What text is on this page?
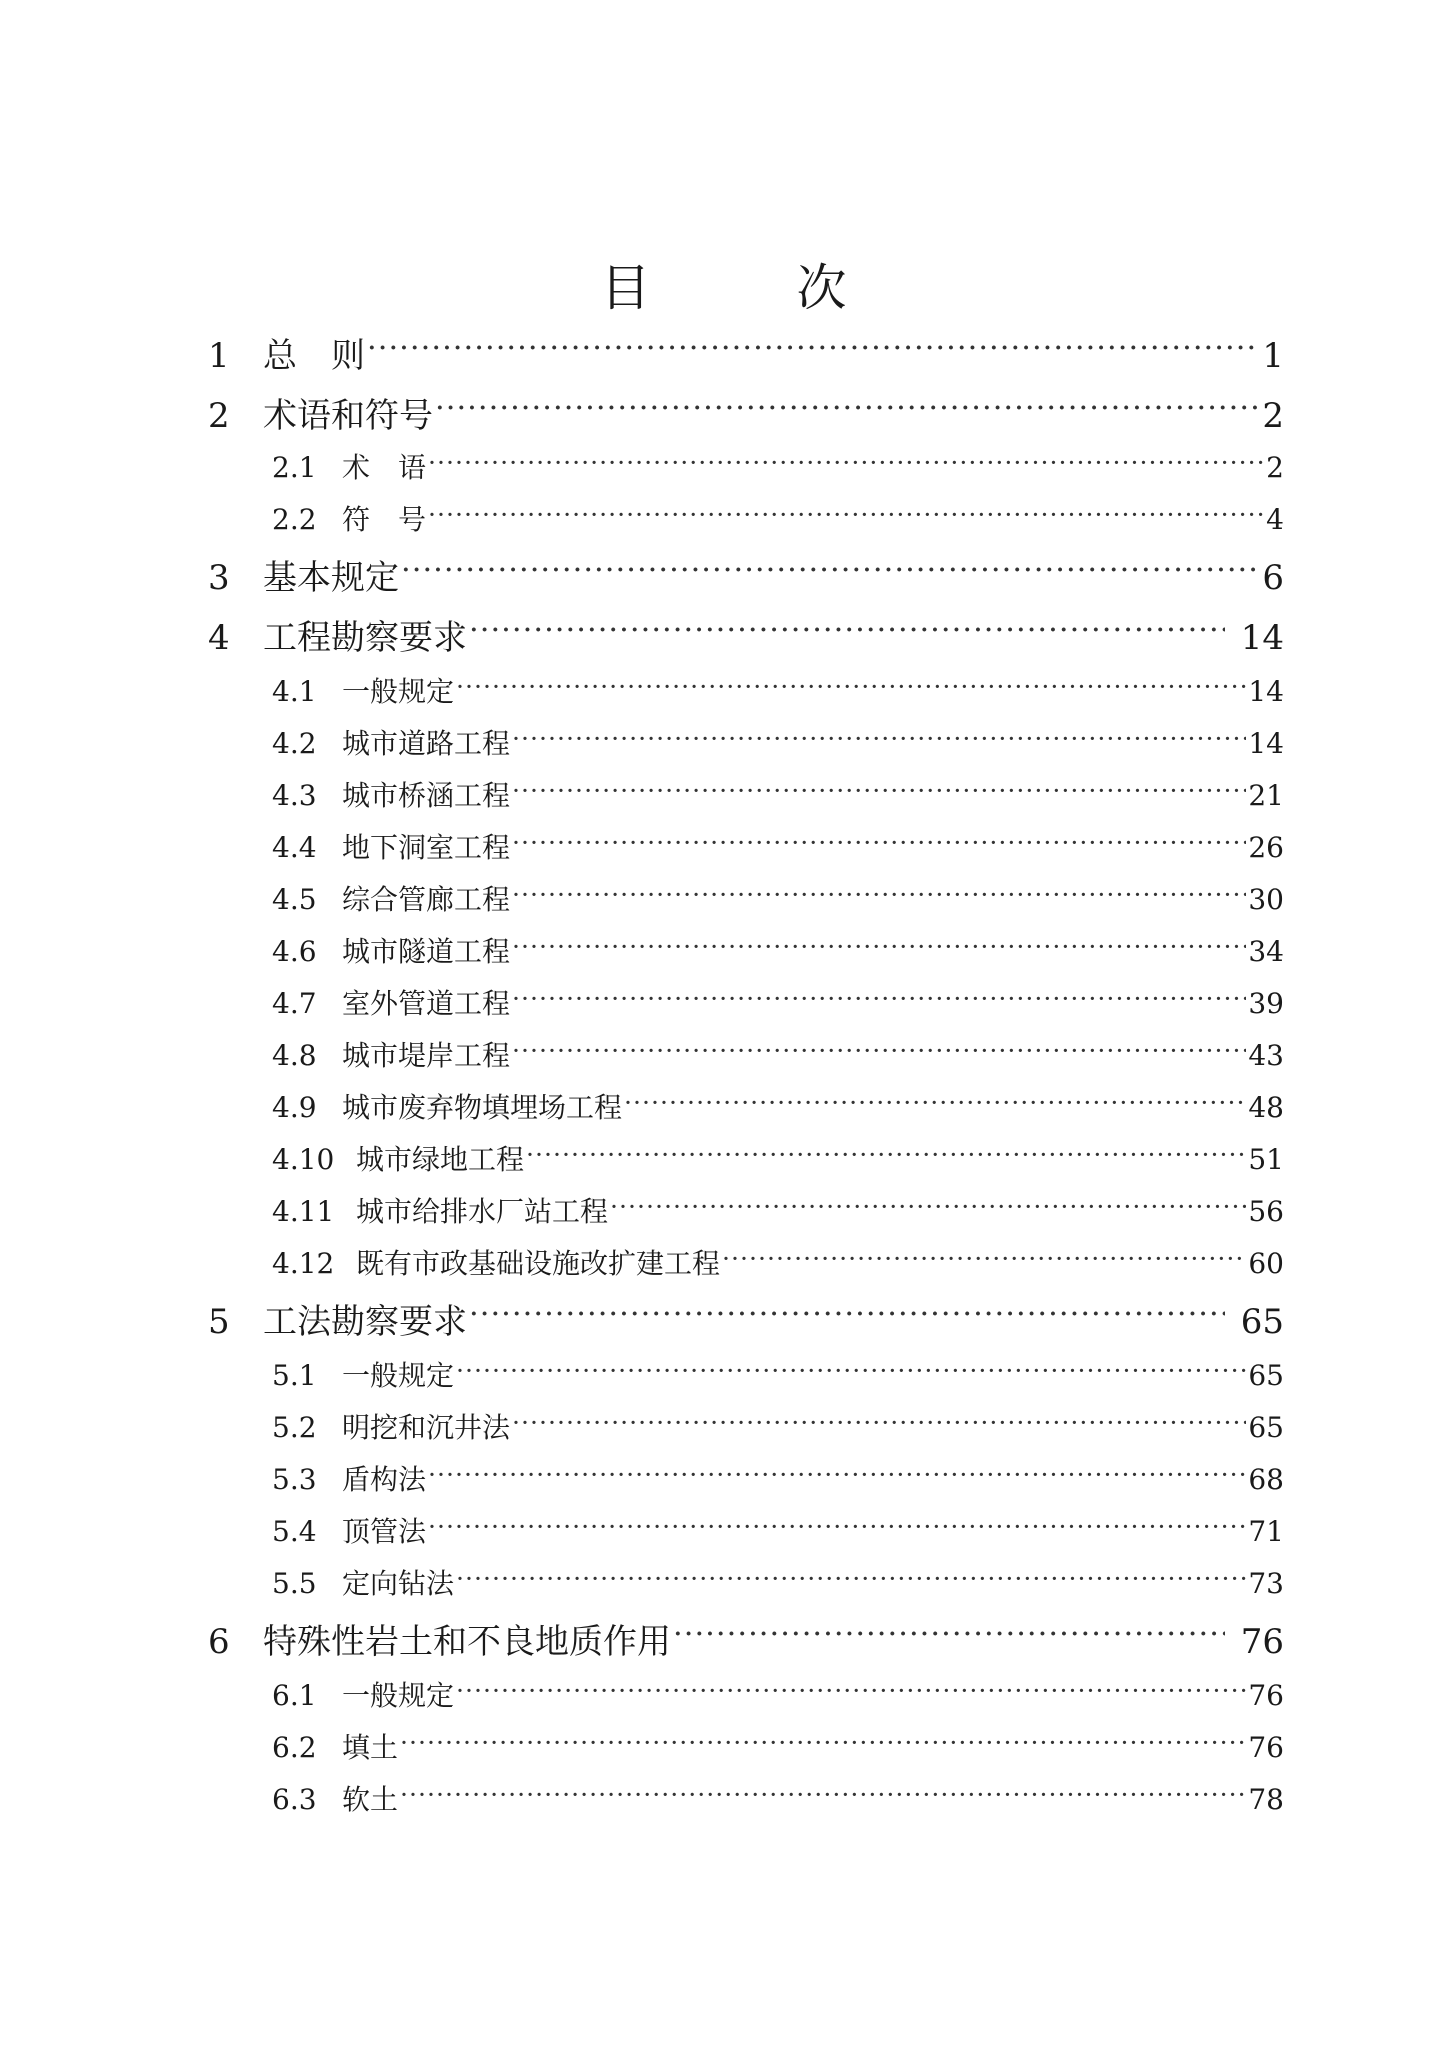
目　次
1 总　则 ·····	1
2 术语和符号 ·····	2
2.1 术　语 ·····	2
2.2 符　号 ·····	4
3 基本规定 ·····	6
4 工程勘察要求 ·····	14
4.1 一般规定 ·····	14
4.2 城市道路工程 ·····	14
4.3 城市桥涵工程 ·····	21
4.4 地下洞室工程 ·····	26
4.5 综合管廊工程 ·····	30
4.6 城市隧道工程 ·····	34
4.7 室外管道工程 ·····	39
4.8 城市堤岸工程 ·····	43
4.9 城市废弃物填埋场工程 ·····	48
4.10 城市绿地工程 ·····	51
4.11 城市给排水厂站工程 ·····	56
4.12 既有市政基础设施改扩建工程 ·····	60
5 工法勘察要求 ·····	65
5.1 一般规定 ·····	65
5.2 明挖和沉井法 ·····	65
5.3 盾构法 ·····	68
5.4 顶管法 ·····	71
5.5 定向钻法 ·····	73
6 特殊性岩土和不良地质作用 ·····	76
6.1 一般规定 ·····	76
6.2 填土 ·····	76
6.3 软土 ·····	78
